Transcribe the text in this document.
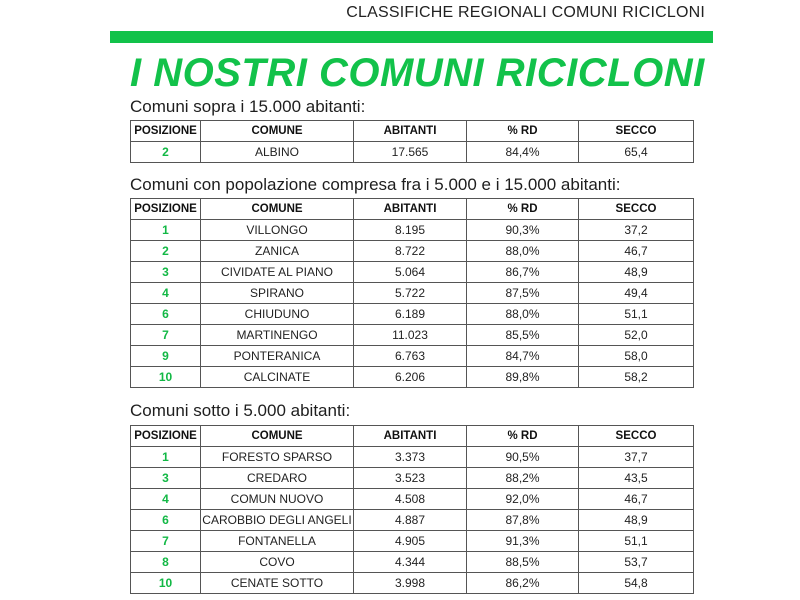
CLASSIFICHE REGIONALI COMUNI RICICLONI
I NOSTRI COMUNI RICICLONI
Comuni sopra i 15.000 abitanti:
POSIZIONE	COMUNE	ABITANTI	% RD	SECCO
2	ALBINO	17.565	84,4%	65,4
Comuni con popolazione compresa fra i 5.000 e i 15.000 abitanti:
POSIZIONE	COMUNE	ABITANTI	% RD	SECCO
1	VILLONGO	8.195	90,3%	37,2
2	ZANICA	8.722	88,0%	46,7
3	CIVIDATE AL PIANO	5.064	86,7%	48,9
4	SPIRANO	5.722	87,5%	49,4
6	CHIUDUNO	6.189	88,0%	51,1
7	MARTINENGO	11.023	85,5%	52,0
9	PONTERANICA	6.763	84,7%	58,0
10	CALCINATE	6.206	89,8%	58,2
Comuni sotto i 5.000 abitanti:
POSIZIONE	COMUNE	ABITANTI	% RD	SECCO
1	FORESTO SPARSO	3.373	90,5%	37,7
3	CREDARO	3.523	88,2%	43,5
4	COMUN NUOVO	4.508	92,0%	46,7
6	CAROBBIO DEGLI ANGELI	4.887	87,8%	48,9
7	FONTANELLA	4.905	91,3%	51,1
8	COVO	4.344	88,5%	53,7
10	CENATE SOTTO	3.998	86,2%	54,8
